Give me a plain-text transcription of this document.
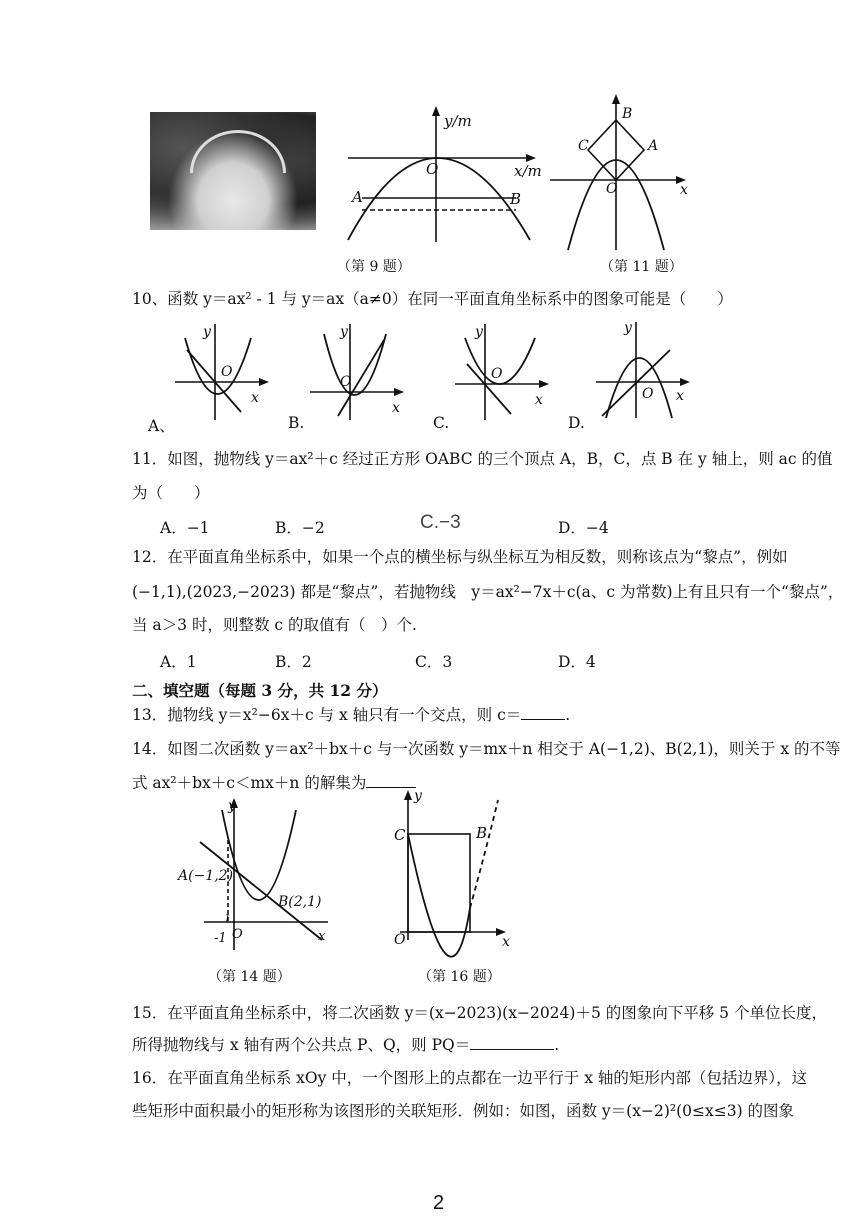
y/m
x/m
O
A	B
（第 9 题）
B
C	A
O	x
（第 11 题）
10、函数 y＝ax² - 1 与 y＝ax（a≠0）在同一平面直角坐标系中的图象可能是（　　）
y
O
x
A、
y
O
x
B.
y
O
x
C.
y
O x
D.
11．如图，抛物线 y＝ax²＋c 经过正方形 OABC 的三个顶点 A，B，C，点 B 在 y 轴上，则 ac 的值
为（　　）
A．−1	B．−2	C.−3	D．−4
12．在平面直角坐标系中，如果一个点的横坐标与纵坐标互为相反数，则称该点为“黎点”，例如
(−1,1),(2023,−2023) 都是“黎点”，若抛物线　y＝ax²−7x＋c(a、c 为常数)上有且只有一个“黎点”，
当 a＞3 时，则整数 c 的取值有（　）个.
A．1	B．2	C．3	D．4
二、填空题（每题 3 分，共 12 分）
13．抛物线 y＝x²−6x＋c 与 x 轴只有一个交点，则 c＝	.
14．如图二次函数 y＝ax²＋bx＋c 与一次函数 y＝mx＋n 相交于 A(−1,2)、B(2,1)，则关于 x 的不等
式 ax²＋bx＋c＜mx＋n 的解集为
y
A(−1,2)
B(2,1)
O
-1
1
x
（第 14 题）
y
C	B
O	x
（第 16 题）
15．在平面直角坐标系中，将二次函数 y＝(x−2023)(x−2024)＋5 的图象向下平移 5 个单位长度，
所得抛物线与 x 轴有两个公共点 P、Q，则 PQ＝	.
16．在平面直角坐标系 xOy 中，一个图形上的点都在一边平行于 x 轴的矩形内部（包括边界），这
些矩形中面积最小的矩形称为该图形的关联矩形．例如：如图，函数 y＝(x−2)²(0≤x≤3) 的图象
2
